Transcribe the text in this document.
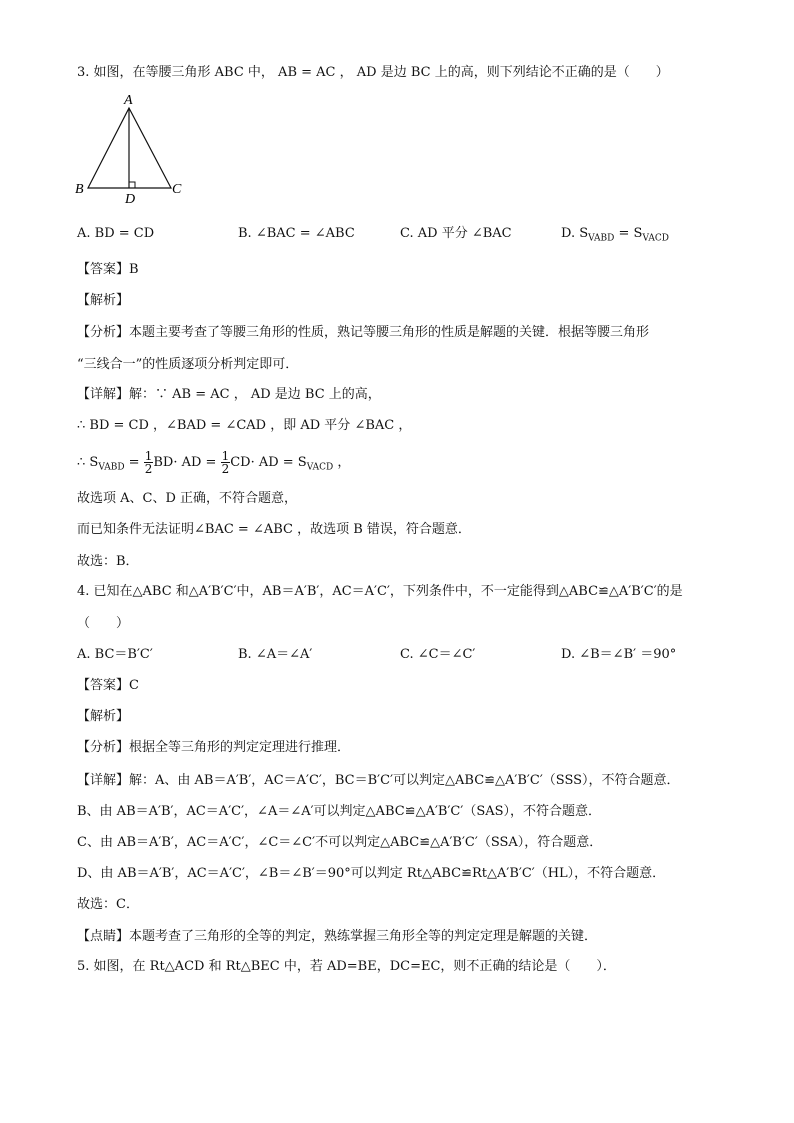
3. 如图，在等腰三角形 ABC 中， AB = AC ， AD 是边 BC 上的高，则下列结论不正确的是（　　）
A
B	C
D
A. BD = CD	B. ∠BAC = ∠ABC	C. AD 平分 ∠BAC	D. $S_{VABD} = S_{VACD}$
【答案】B
【解析】
【分析】本题主要考查了等腰三角形的性质，熟记等腰三角形的性质是解题的关键．根据等腰三角形
“三线合一”的性质逐项分析判定即可．
【详解】解：∵ AB = AC ， AD 是边 BC 上的高，
∴ BD = CD ，∠BAD = ∠CAD ，即 AD 平分 ∠BAC ，
∴ $S_{VABD} = \frac{1}{2} BD\cdot$ AD = $\frac{1}{2} CD\cdot$ AD = $S_{VACD}$ ，
故选项 A、C、D 正确，不符合题意，
而已知条件无法证明∠BAC = ∠ABC ，故选项 B 错误，符合题意．
故选：B．
4. 已知在△ABC 和△A′B′C′中，AB＝A′B′，AC＝A′C′，下列条件中，不一定能得到△ABC≌△A′B′C′的是
（　　）
A. BC＝B′C′	B. ∠A＝∠A′	C. ∠C＝∠C′	D. ∠B＝∠B′ ＝90°
【答案】C
【解析】
【分析】根据全等三角形的判定定理进行推理．
【详解】解：A、由 AB＝A′B′，AC＝A′C′，BC＝B′C′可以判定△ABC≌△A′B′C′（SSS），不符合题意．
B、由 AB＝A′B′，AC＝A′C′，∠A＝∠A′可以判定△ABC≌△A′B′C′（SAS），不符合题意．
C、由 AB＝A′B′，AC＝A′C′，∠C＝∠C′不可以判定△ABC≌△A′B′C′（SSA），符合题意．
D、由 AB＝A′B′，AC＝A′C′，∠B＝∠B′＝90°可以判定 Rt△ABC≌Rt△A′B′C′（HL），不符合题意．
故选：C．
【点睛】本题考查了三角形的全等的判定，熟练掌握三角形全等的判定定理是解题的关键．
5. 如图，在 Rt△ACD 和 Rt△BEC 中，若 AD=BE，DC=EC，则不正确的结论是（　　）．
